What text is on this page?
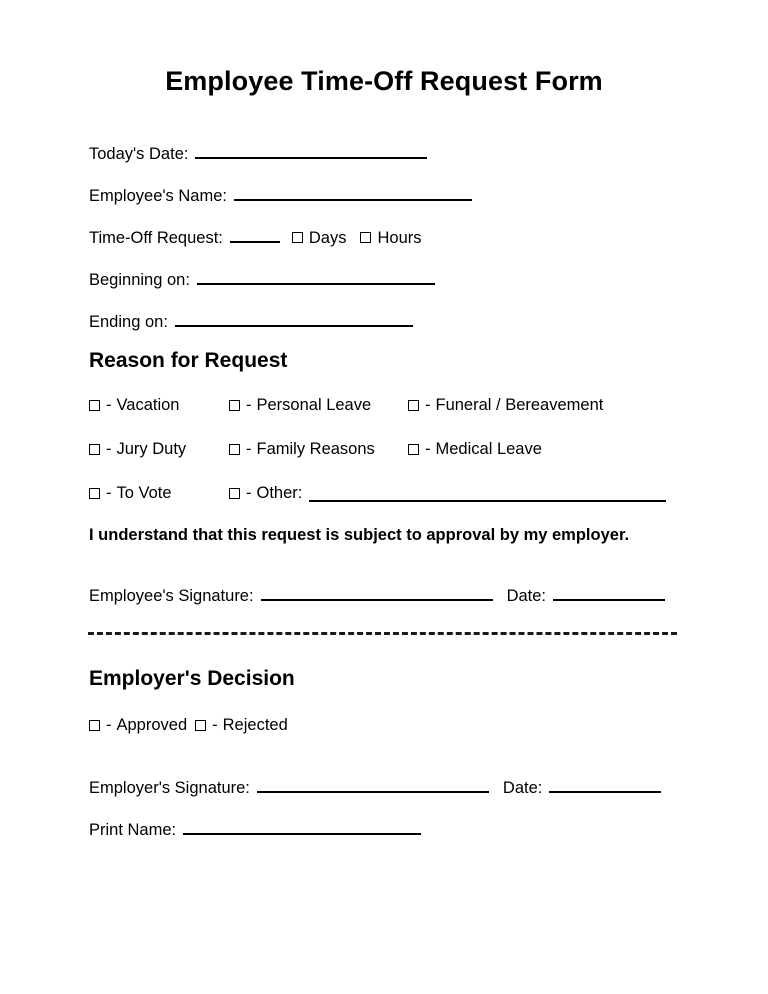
Employee Time-Off Request Form
Today's Date:
Employee's Name:
Time-Off Request:	Days Hours
Beginning on:
Ending on:
Reason for Request
- Vacation	- Personal Leave	- Funeral / Bereavement
- Jury Duty	- Family Reasons	- Medical Leave
- To Vote	- Other:
I understand that this request is subject to approval by my employer.
Employee's Signature:	Date:
Employer's Decision
- Approved - Rejected
Employer's Signature:	Date:
Print Name:
